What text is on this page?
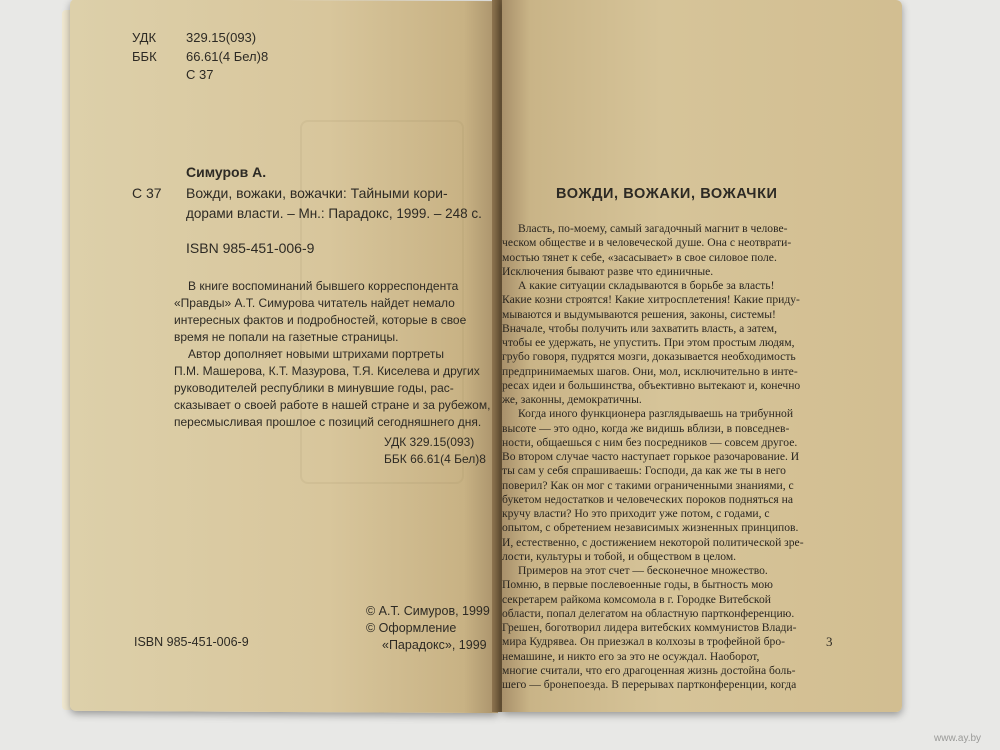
УДК 329.15(093)
ББК 66.61(4 Бел)8
С 37
Симуров А.
С 37 Вожди, вожаки, вожачки: Тайными кори-
дорами власти. – Мн.: Парадокс, 1999. – 248 с.
ISBN 985-451-006-9
В книге воспоминаний бывшего корреспондента
«Правды» А.Т. Симурова читатель найдет немало
интересных фактов и подробностей, которые в свое
время не попали на газетные страницы.
Автор дополняет новыми штрихами портреты
П.М. Машерова, К.Т. Мазурова, Т.Я. Киселева и других
руководителей республики в минувшие годы, рас-
сказывает о своей работе в нашей стране и за рубежом,
пересмысливая прошлое с позиций сегодняшнего дня.
УДК 329.15(093)
ББК 66.61(4 Бел)8
© А.Т. Симуров, 1999
© Оформление
«Парадокс», 1999
ISBN 985-451-006-9
ВОЖДИ, ВОЖАКИ, ВОЖАЧКИ
Власть, по-моему, самый загадочный магнит в челове-
ческом обществе и в человеческой душе. Она с неотврати-
мостью тянет к себе, «засасывает» в свое силовое поле.
Исключения бывают разве что единичные.
А какие ситуации складываются в борьбе за власть!
Какие козни строятся! Какие хитросплетения! Какие приду-
мываются и выдумываются решения, законы, системы!
Вначале, чтобы получить или захватить власть, а затем,
чтобы ее удержать, не упустить. При этом простым людям,
грубо говоря, пудрятся мозги, доказывается необходимость
предпринимаемых шагов. Они, мол, исключительно в инте-
ресах идеи и большинства, объективно вытекают и, конечно
же, законны, демократичны.
Когда иного функционера разглядываешь на трибунной
высоте — это одно, когда же видишь вблизи, в повседнев-
ности, общаешься с ним без посредников — совсем другое.
Во втором случае часто наступает горькое разочарование. И
ты сам у себя спрашиваешь: Господи, да как же ты в него
поверил? Как он мог с такими ограниченными знаниями, с
букетом недостатков и человеческих пороков подняться на
кручу власти? Но это приходит уже потом, с годами, с
опытом, с обретением независимых жизненных принципов.
И, естественно, с достижением некоторой политической зре-
лости, культуры и тобой, и обществом в целом.
Примеров на этот счет — бесконечное множество.
Помню, в первые послевоенные годы, в бытность мою
секретарем райкома комсомола в г. Городке Витебской
области, попал делегатом на областную партконференцию.
Грешен, боготворил лидера витебских коммунистов Влади-
мира Кудрявеа. Он приезжал в колхозы в трофейной бро-
немашине, и никто его за это не осуждал. Наоборот,
многие считали, что его драгоценная жизнь достойна боль-
шего — бронепоезда. В перерывах партконференции, когда
3
www.ay.by
